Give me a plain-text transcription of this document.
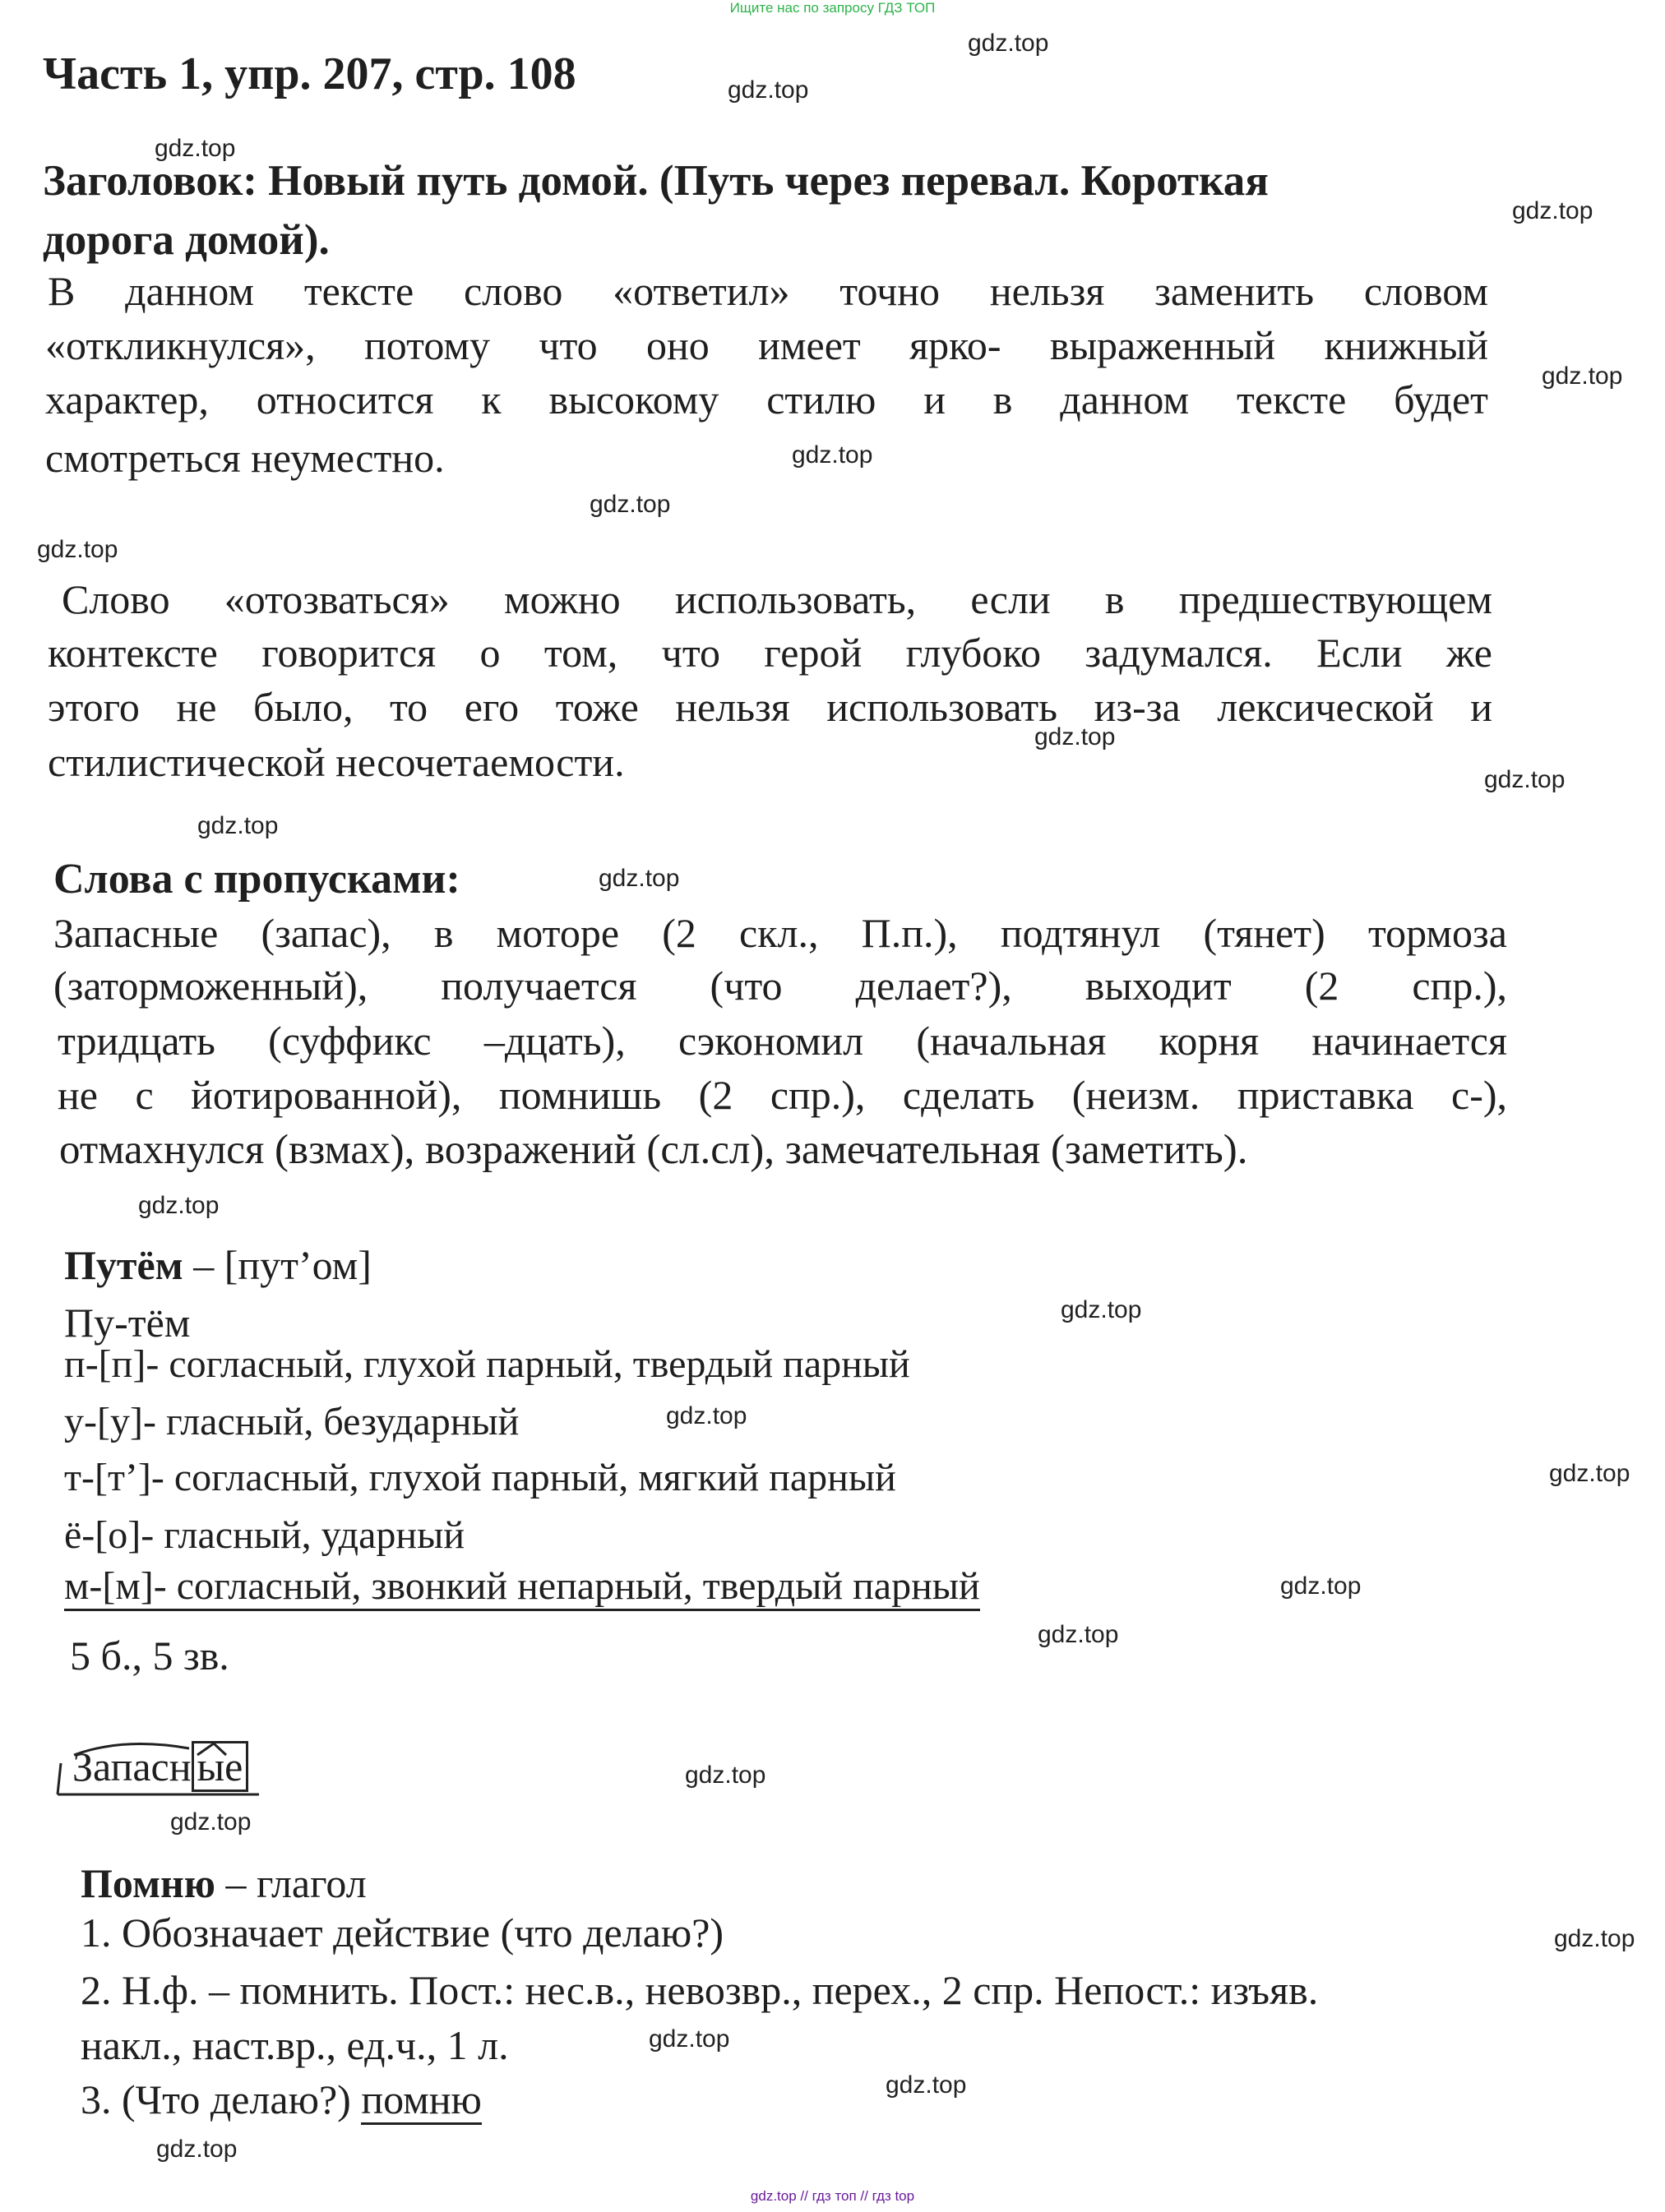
Ищите нас по запросу ГДЗ ТОП
gdz.top
gdz.top
gdz.top
gdz.top
gdz.top
gdz.top
gdz.top
gdz.top
gdz.top
gdz.top
gdz.top
gdz.top
gdz.top
gdz.top
gdz.top
gdz.top
gdz.top
gdz.top
gdz.top
gdz.top
gdz.top
gdz.top
gdz.top
gdz.top
Часть 1, упр. 207, стр. 108
Заголовок: Новый путь домой. (Путь через перевал. Короткая
дорога домой).
В данном тексте слово «ответил» точно нельзя заменить словом
«откликнулся», потому что оно имеет ярко- выраженный книжный
характер, относится к высокому стилю и в данном тексте будет
смотреться неуместно.
Слово «отозваться» можно использовать, если в предшествующем
контексте говорится о том, что герой глубоко задумался. Если же
этого не было, то его тоже нельзя использовать из-за лексической и
стилистической несочетаемости.
Слова с пропусками:
Запасные (запас), в моторе (2 скл., П.п.), подтянул (тянет) тормоза
(заторможенный), получается (что делает?), выходит (2 спр.),
тридцать (суффикс –дцать), сэкономил (начальная корня начинается
не с йотированной), помнишь (2 спр.), сделать (неизм. приставка с-),
отмахнулся (взмах), возражений (сл.сл), замечательная (заметить).
Путём – [пут’ом]
Пу-тём
п-[п]- согласный, глухой парный, твердый парный
у-[у]- гласный, безударный
т-[т’]- согласный, глухой парный, мягкий парный
ё-[о]- гласный, ударный
м-[м]- согласный, звонкий непарный, твердый парный
5 б., 5 зв.
Запасн ые
Помню – глагол
1. Обозначает действие (что делаю?)
2. Н.ф. – помнить. Пост.: нес.в., невозвр., перех., 2 спр. Непост.: изъяв.
накл., наст.вр., ед.ч., 1 л.
3. (Что делаю?) помню
gdz.top // гдз топ // гдз top
